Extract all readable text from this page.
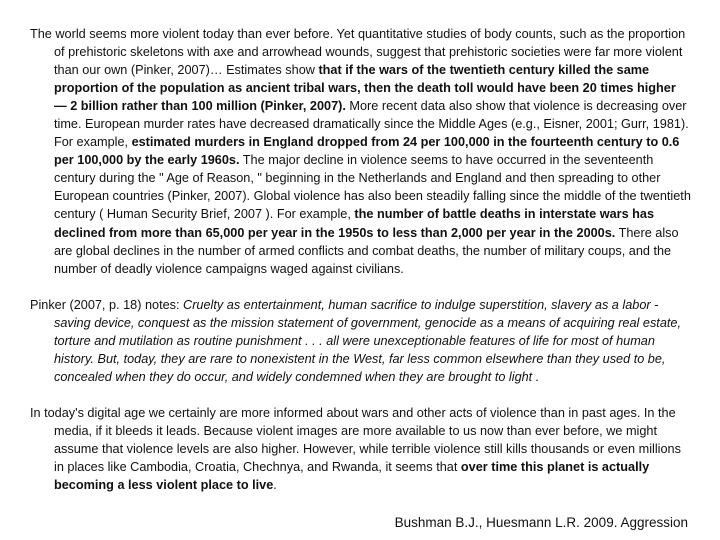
The world seems more violent today than ever before. Yet quantitative studies of body counts, such as the proportion of prehistoric skeletons with axe and arrowhead wounds, suggest that prehistoric societies were far more violent than our own (Pinker, 2007)… Estimates show that if the wars of the twentieth century killed the same proportion of the population as ancient tribal wars, then the death toll would have been 20 times higher — 2 billion rather than 100 million (Pinker, 2007). More recent data also show that violence is decreasing over time. European murder rates have decreased dramatically since the Middle Ages (e.g., Eisner, 2001; Gurr, 1981). For example, estimated murders in England dropped from 24 per 100,000 in the fourteenth century to 0.6 per 100,000 by the early 1960s. The major decline in violence seems to have occurred in the seventeenth century during the " Age of Reason, " beginning in the Netherlands and England and then spreading to other European countries (Pinker, 2007). Global violence has also been steadily falling since the middle of the twentieth century ( Human Security Brief, 2007 ). For example, the number of battle deaths in interstate wars has declined from more than 65,000 per year in the 1950s to less than 2,000 per year in the 2000s. There also are global declines in the number of armed conflicts and combat deaths, the number of military coups, and the number of deadly violence campaigns waged against civilians.

Pinker (2007, p. 18) notes: Cruelty as entertainment, human sacrifice to indulge superstition, slavery as a labor - saving device, conquest as the mission statement of government, genocide as a means of acquiring real estate, torture and mutilation as routine punishment . . . all were unexceptionable features of life for most of human history. But, today, they are rare to nonexistent in the West, far less common elsewhere than they used to be, concealed when they do occur, and widely condemned when they are brought to light .

In today's digital age we certainly are more informed about wars and other acts of violence than in past ages. In the media, if it bleeds it leads. Because violent images are more available to us now than ever before, we might assume that violence levels are also higher. However, while terrible violence still kills thousands or even millions in places like Cambodia, Croatia, Chechnya, and Rwanda, it seems that over time this planet is actually becoming a less violent place to live.

Bushman B.J., Huesmann L.R. 2009. Aggression
